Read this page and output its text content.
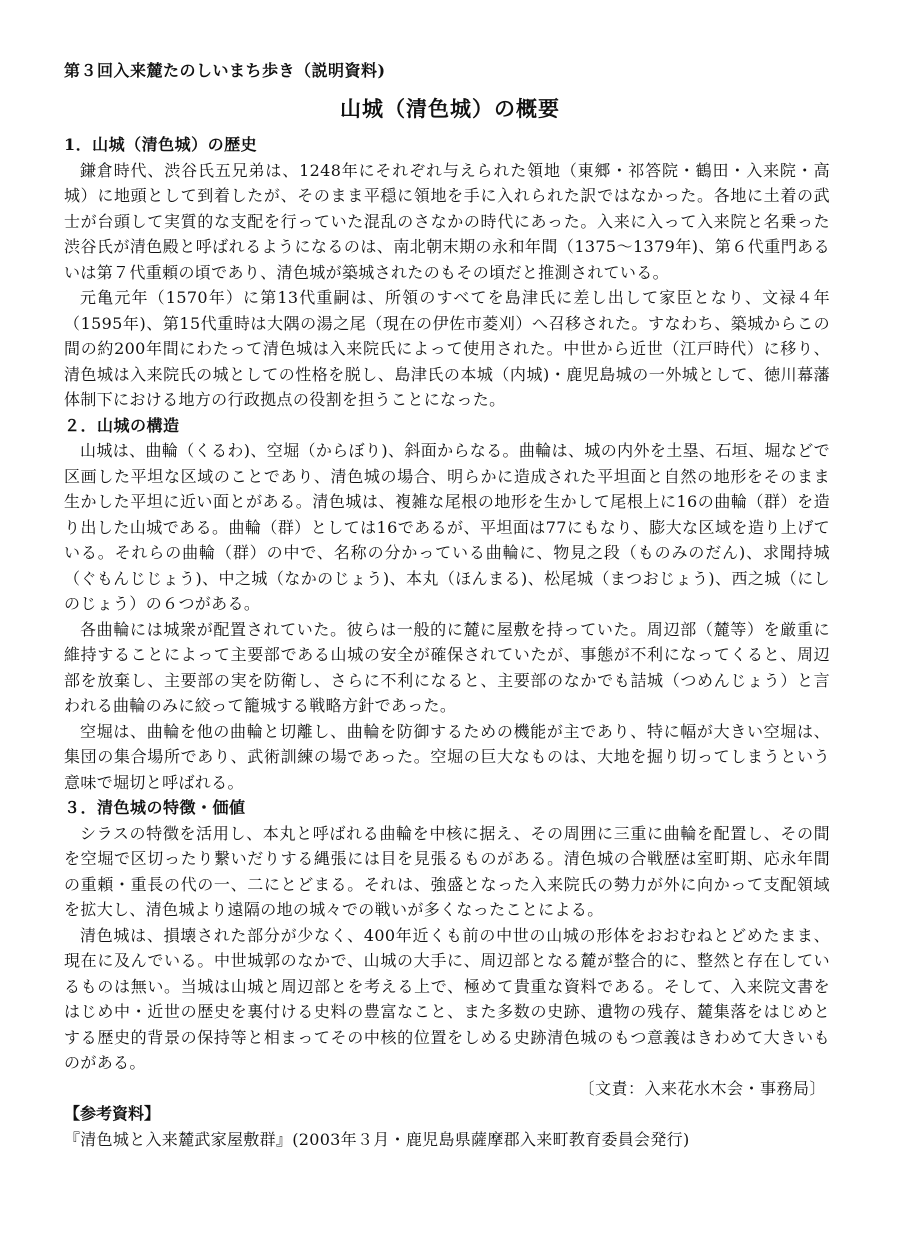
第３回入来麓たのしいまち歩き（説明資料)
山城（清色城）の概要

1．山城（清色城）の歴史

鎌倉時代、渋谷氏五兄弟は、1248年にそれぞれ与えられた領地（東郷・祁答院・鶴田・入来院・高城）に地頭として到着したが、そのまま平穏に領地を手に入れられた訳ではなかった。各地に土着の武士が台頭して実質的な支配を行っていた混乱のさなかの時代にあった。入来に入って入来院と名乗った渋谷氏が清色殿と呼ばれるようになるのは、南北朝末期の永和年間（1375〜1379年)、第６代重門あるいは第７代重頼の頃であり、清色城が築城されたのもその頃だと推測されている。

元亀元年（1570年）に第13代重嗣は、所領のすべてを島津氏に差し出して家臣となり、文禄４年（1595年)、第15代重時は大隅の湯之尾（現在の伊佐市菱刈）へ召移された。すなわち、築城からこの間の約200年間にわたって清色城は入来院氏によって使用された。中世から近世（江戸時代）に移り、清色城は入来院氏の城としての性格を脱し、島津氏の本城（内城)・鹿児島城の一外城として、徳川幕藩体制下における地方の行政拠点の役割を担うことになった。

２．山城の構造

山城は、曲輪（くるわ)、空堀（からぼり)、斜面からなる。曲輪は、城の内外を土塁、石垣、堀などで区画した平坦な区域のことであり、清色城の場合、明らかに造成された平坦面と自然の地形をそのまま生かした平坦に近い面とがある。清色城は、複雑な尾根の地形を生かして尾根上に16の曲輪（群）を造り出した山城である。曲輪（群）としては16であるが、平坦面は77にもなり、膨大な区域を造り上げている。それらの曲輪（群）の中で、名称の分かっている曲輪に、物見之段（ものみのだん)、求聞持城（ぐもんじじょう)、中之城（なかのじょう)、本丸（ほんまる)、松尾城（まつおじょう)、西之城（にしのじょう）の６つがある。

各曲輪には城衆が配置されていた。彼らは一般的に麓に屋敷を持っていた。周辺部（麓等）を厳重に維持することによって主要部である山城の安全が確保されていたが、事態が不利になってくると、周辺部を放棄し、主要部の実を防衛し、さらに不利になると、主要部のなかでも詰城（つめんじょう）と言われる曲輪のみに絞って籠城する戦略方針であった。

空堀は、曲輪を他の曲輪と切離し、曲輪を防御するための機能が主であり、特に幅が大きい空堀は、集団の集合場所であり、武術訓練の場であった。空堀の巨大なものは、大地を掘り切ってしまうという意味で堀切と呼ばれる。

３．清色城の特徴・価値

シラスの特徴を活用し、本丸と呼ばれる曲輪を中核に据え、その周囲に三重に曲輪を配置し、その間を空堀で区切ったり繋いだりする縄張には目を見張るものがある。清色城の合戦歴は室町期、応永年間の重頼・重長の代の一、二にとどまる。それは、強盛となった入来院氏の勢力が外に向かって支配領域を拡大し、清色城より遠隔の地の城々での戦いが多くなったことによる。

清色城は、損壊された部分が少なく、400年近くも前の中世の山城の形体をおおむねとどめたまま、現在に及んでいる。中世城郭のなかで、山城の大手に、周辺部となる麓が整合的に、整然と存在しているものは無い。当城は山城と周辺部とを考える上で、極めて貴重な資料である。そして、入来院文書をはじめ中・近世の歴史を裏付ける史料の豊富なこと、また多数の史跡、遺物の残存、麓集落をはじめとする歴史的背景の保持等と相まってその中核的位置をしめる史跡清色城のもつ意義はきわめて大きいものがある。

〔文責：入来花水木会・事務局〕

【参考資料】

『清色城と入来麓武家屋敷群』(2003年３月・鹿児島県薩摩郡入来町教育委員会発行)
